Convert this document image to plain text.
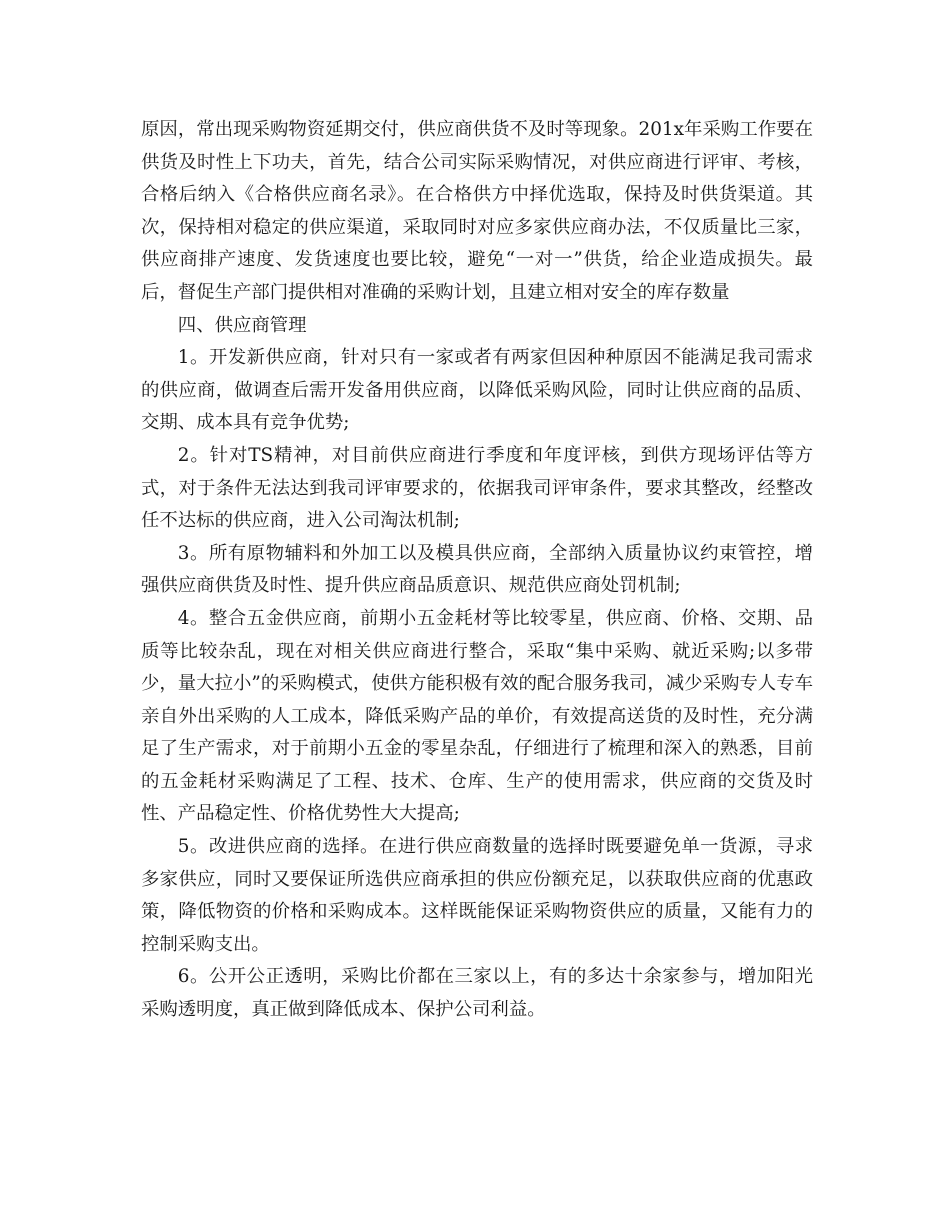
原因，常出现采购物资延期交付，供应商供货不及时等现象。201x年采购工作要在供货及时性上下功夫，首先，结合公司实际采购情况，对供应商进行评审、考核，合格后纳入《合格供应商名录》。在合格供方中择优选取，保持及时供货渠道。其次，保持相对稳定的供应渠道，采取同时对应多家供应商办法，不仅质量比三家，供应商排产速度、发货速度也要比较，避免“一对一”供货，给企业造成损失。最后，督促生产部门提供相对准确的采购计划，且建立相对安全的库存数量

四、供应商管理

1。开发新供应商，针对只有一家或者有两家但因种种原因不能满足我司需求的供应商，做调查后需开发备用供应商，以降低采购风险，同时让供应商的品质、交期、成本具有竞争优势;

2。针对TS精神，对目前供应商进行季度和年度评核，到供方现场评估等方式，对于条件无法达到我司评审要求的，依据我司评审条件，要求其整改，经整改任不达标的供应商，进入公司淘汰机制;

3。所有原物辅料和外加工以及模具供应商，全部纳入质量协议约束管控，增强供应商供货及时性、提升供应商品质意识、规范供应商处罚机制;

4。整合五金供应商，前期小五金耗材等比较零星，供应商、价格、交期、品质等比较杂乱，现在对相关供应商进行整合，采取“集中采购、就近采购;以多带少，量大拉小”的采购模式，使供方能积极有效的配合服务我司，减少采购专人专车亲自外出采购的人工成本，降低采购产品的单价，有效提高送货的及时性，充分满足了生产需求，对于前期小五金的零星杂乱，仔细进行了梳理和深入的熟悉，目前的五金耗材采购满足了工程、技术、仓库、生产的使用需求，供应商的交货及时性、产品稳定性、价格优势性大大提高;

5。改进供应商的选择。在进行供应商数量的选择时既要避免单一货源，寻求多家供应，同时又要保证所选供应商承担的供应份额充足，以获取供应商的优惠政策，降低物资的价格和采购成本。这样既能保证采购物资供应的质量，又能有力的控制采购支出。

6。公开公正透明，采购比价都在三家以上，有的多达十余家参与，增加阳光采购透明度，真正做到降低成本、保护公司利益。
